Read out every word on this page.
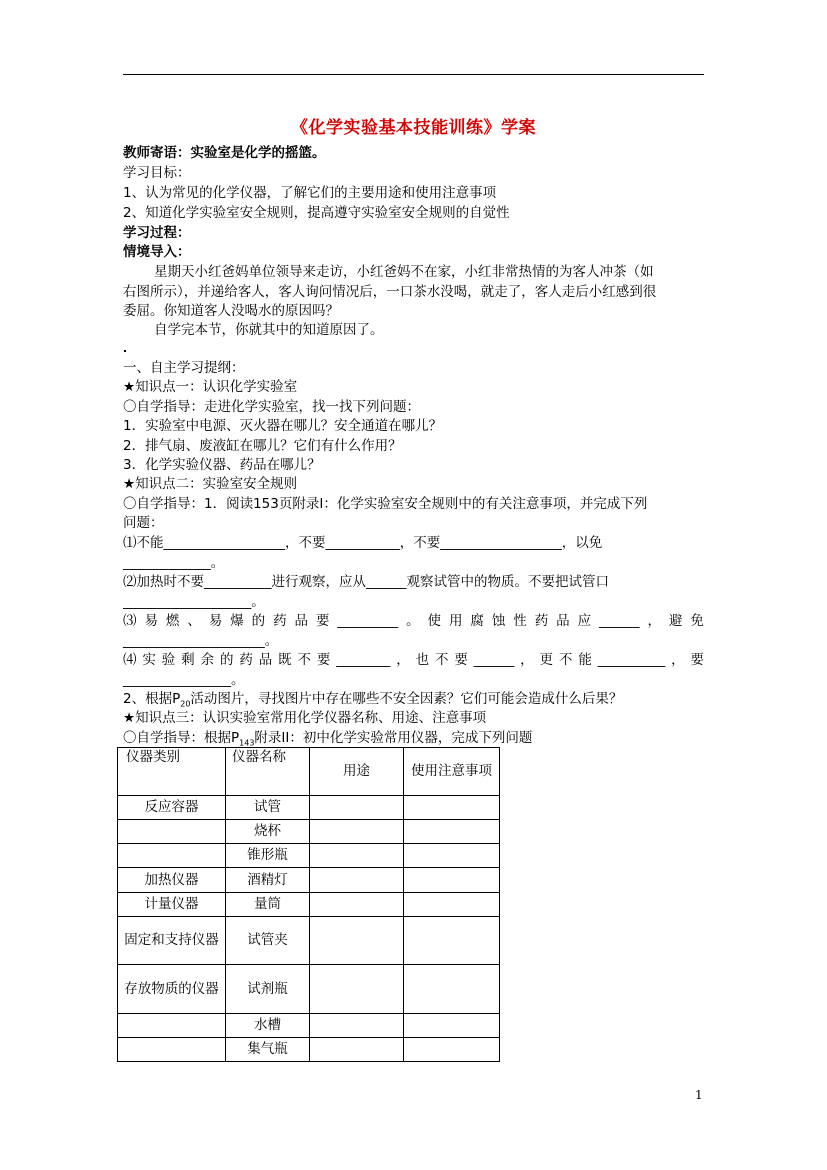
《化学实验基本技能训练》学案
教师寄语：实验室是化学的摇篮。
学习目标：
1、认为常见的化学仪器，了解它们的主要用途和使用注意事项
2、知道化学实验室安全规则，提高遵守实验室安全规则的自觉性
学习过程：
情境导入：
星期天小红爸妈单位领导来走访，小红爸妈不在家，小红非常热情的为客人冲茶（如
右图所示），并递给客人，客人询问情况后，一口茶水没喝，就走了，客人走后小红感到很
委屈。你知道客人没喝水的原因吗？
自学完本节，你就其中的知道原因了。
一、自主学习提纲：
★知识点一：认识化学实验室
〇自学指导：走进化学实验室，找一找下列问题：
1．实验室中电源、灭火器在哪儿？安全通道在哪儿？
2．排气扇、废液缸在哪儿？它们有什么作用？
3．化学实验仪器、药品在哪儿？
★知识点二：实验室安全规则
〇自学指导：1．阅读153页附录I：化学实验室安全规则中的有关注意事项，并完成下列
问题：
⑴不能__________________，不要___________，不要__________________，以免
_____________。
⑵加热时不要__________进行观察，应从______观察试管中的物质。不要把试管口
___________________。
⑶ 易 燃 、 易 爆 的 药 品 要 _________ 。 使 用 腐 蚀 性 药 品 应 ______ ， 避 免
_____________________。
⑷ 实 验 剩 余 的 药 品 既 不 要 ________ ， 也 不 要 ______ ， 更 不 能 __________ ， 要
________________。
2、根据$P_{20}$活动图片，寻找图片中存在哪些不安全因素？它们可能会造成什么后果？
★知识点三：认识实验室常用化学仪器名称、用途、注意事项
〇自学指导：根据$P_{143}$附录II：初中化学实验常用仪器，完成下列问题
仪器类别	仪器名称	用途	使用注意事项
反应容器	试管		
	烧杯		
	锥形瓶		
加热仪器	酒精灯		
计量仪器	量筒		
固定和支持仪器	试管夹		
存放物质的仪器	试剂瓶		
	水槽		
	集气瓶		
1
